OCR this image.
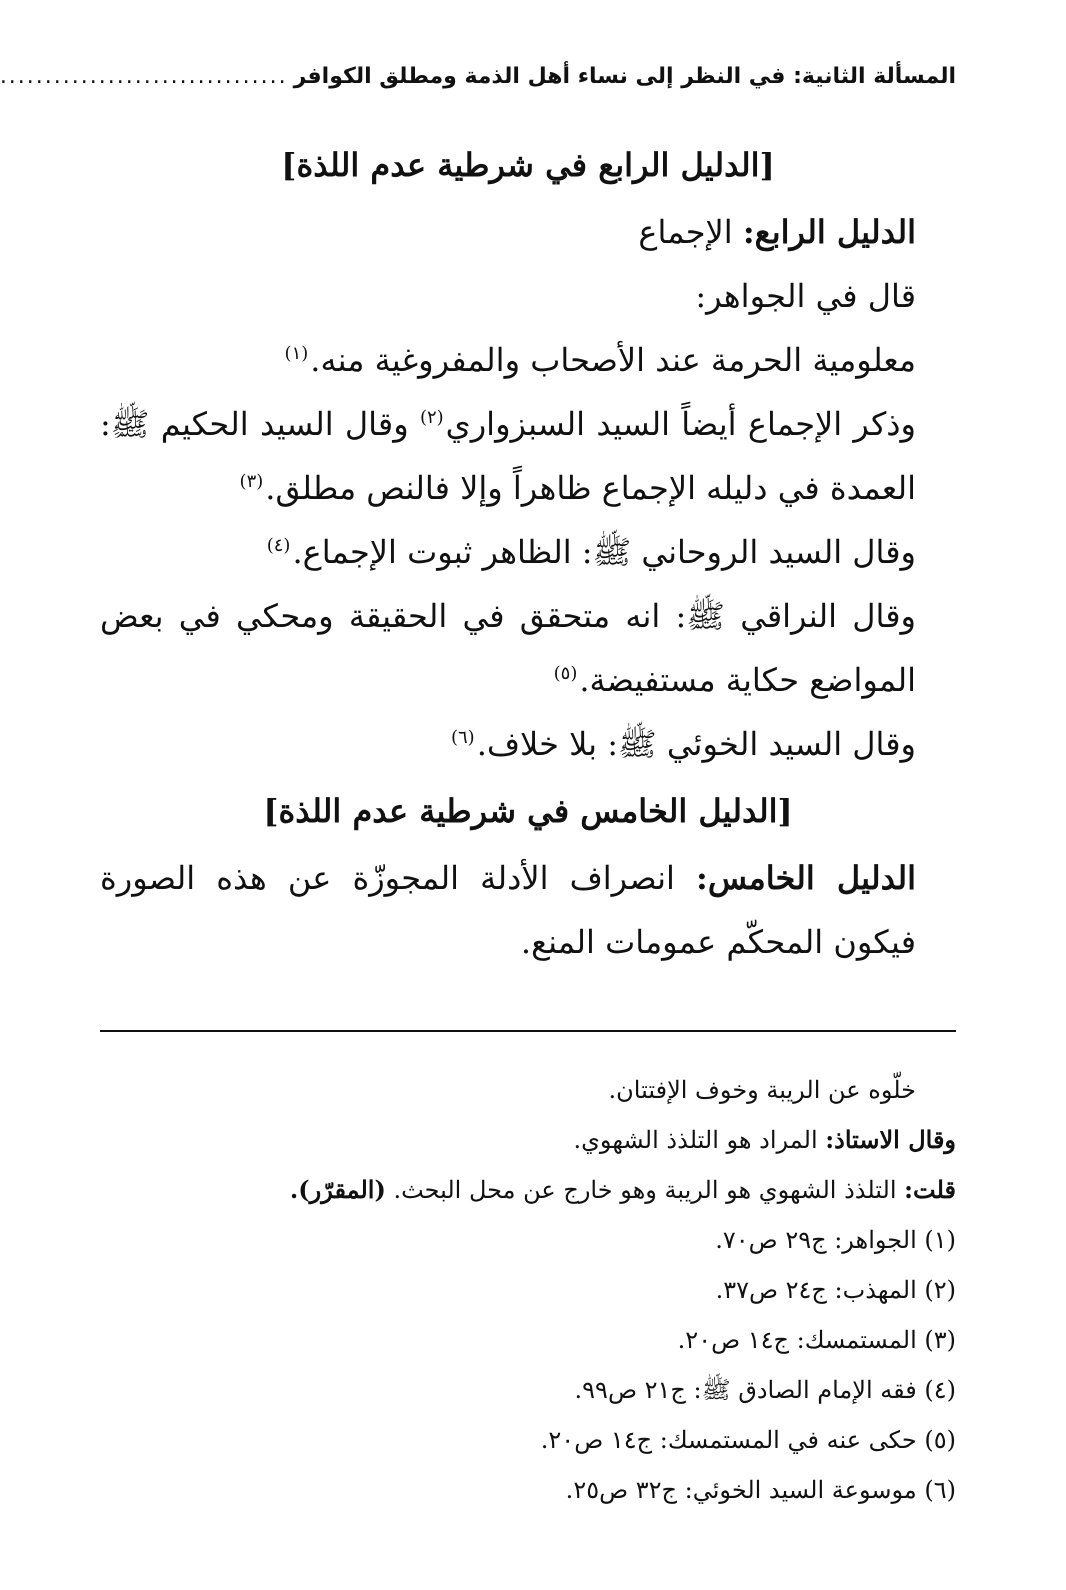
المسألة الثانية: في النظر إلى نساء أهل الذمة ومطلق الكوافر
................................

[الدليل الرابع في شرطية عدم اللذة]

الدليل الرابع: الإجماع

قال في الجواهر:

معلومية الحرمة عند الأصحاب والمفروغية منه.$^{(١)}$

وذكر الإجماع أيضاً السيد السبزواري$^{(٢)}$ وقال السيد الحكيم ﷺ: العمدة في دليله الإجماع ظاهراً وإلا فالنص مطلق.$^{(٣)}$

وقال السيد الروحاني ﷺ: الظاهر ثبوت الإجماع.$^{(٤)}$

وقال النراقي ﷺ: انه متحقق في الحقيقة ومحكي في بعض المواضع حكاية مستفيضة.$^{(٥)}$

وقال السيد الخوئي ﷺ: بلا خلاف.$^{(٦)}$

[الدليل الخامس في شرطية عدم اللذة]

الدليل الخامس: انصراف الأدلة المجوزّة عن هذه الصورة فيكون المحكّم عمومات المنع.

خلّوه عن الريبة وخوف الإفتتان.

وقال الاستاذ: المراد هو التلذذ الشهوي.

قلت: التلذذ الشهوي هو الريبة وهو خارج عن محل البحث. (المقرّر).

(١) الجواهر: ج٢٩ ص٧٠.

(٢) المهذب: ج٢٤ ص٣٧.

(٣) المستمسك: ج١٤ ص٢٠.

(٤) فقه الإمام الصادق ﷺ: ج٢١ ص٩٩.

(٥) حكى عنه في المستمسك: ج١٤ ص٢٠.

(٦) موسوعة السيد الخوئي: ج٣٢ ص٢٥.
